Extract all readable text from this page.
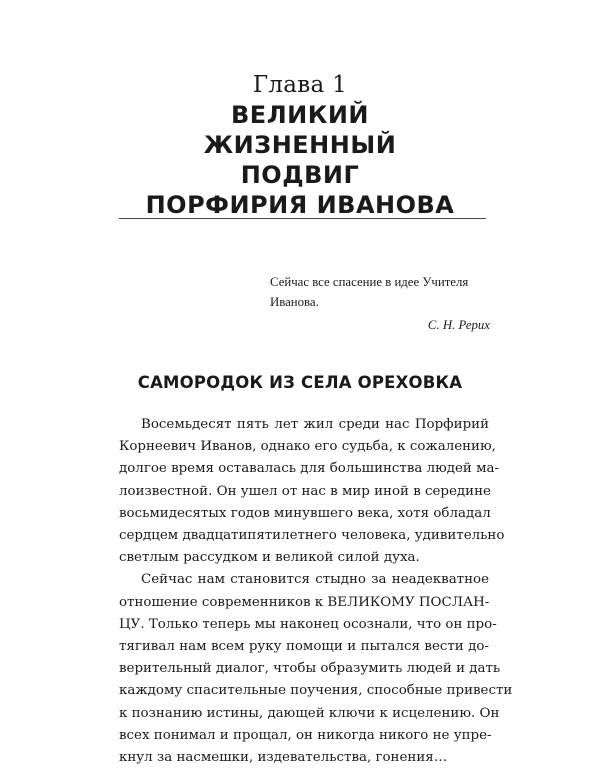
Глава 1
ВЕЛИКИЙ
ЖИЗНЕННЫЙ
ПОДВИГ
ПОРФИРИЯ ИВАНОВА
Сейчас все спасение в идее Учителя
Иванова.
С. Н. Рерих
САМОРОДОК ИЗ СЕЛА ОРЕХОВКА
Восемьдесят пять лет жил среди нас Порфирий
Корнеевич Иванов, однако его судьба, к сожалению,
долгое время оставалась для большинства людей ма-
лоизвестной. Он ушел от нас в мир иной в середине
восьмидесятых годов минувшего века, хотя обладал
сердцем двадцатипятилетнего человека, удивительно
светлым рассудком и великой силой духа.
Сейчас нам становится стыдно за неадекватное
отношение современников к ВЕЛИКОМУ ПОСЛАН-
ЦУ. Только теперь мы наконец осознали, что он про-
тягивал нам всем руку помощи и пытался вести до-
верительный диалог, чтобы образумить людей и дать
каждому спасительные поучения, способные привести
к познанию истины, дающей ключи к исцелению. Он
всех понимал и прощал, он никогда никого не упре-
кнул за насмешки, издевательства, гонения…
